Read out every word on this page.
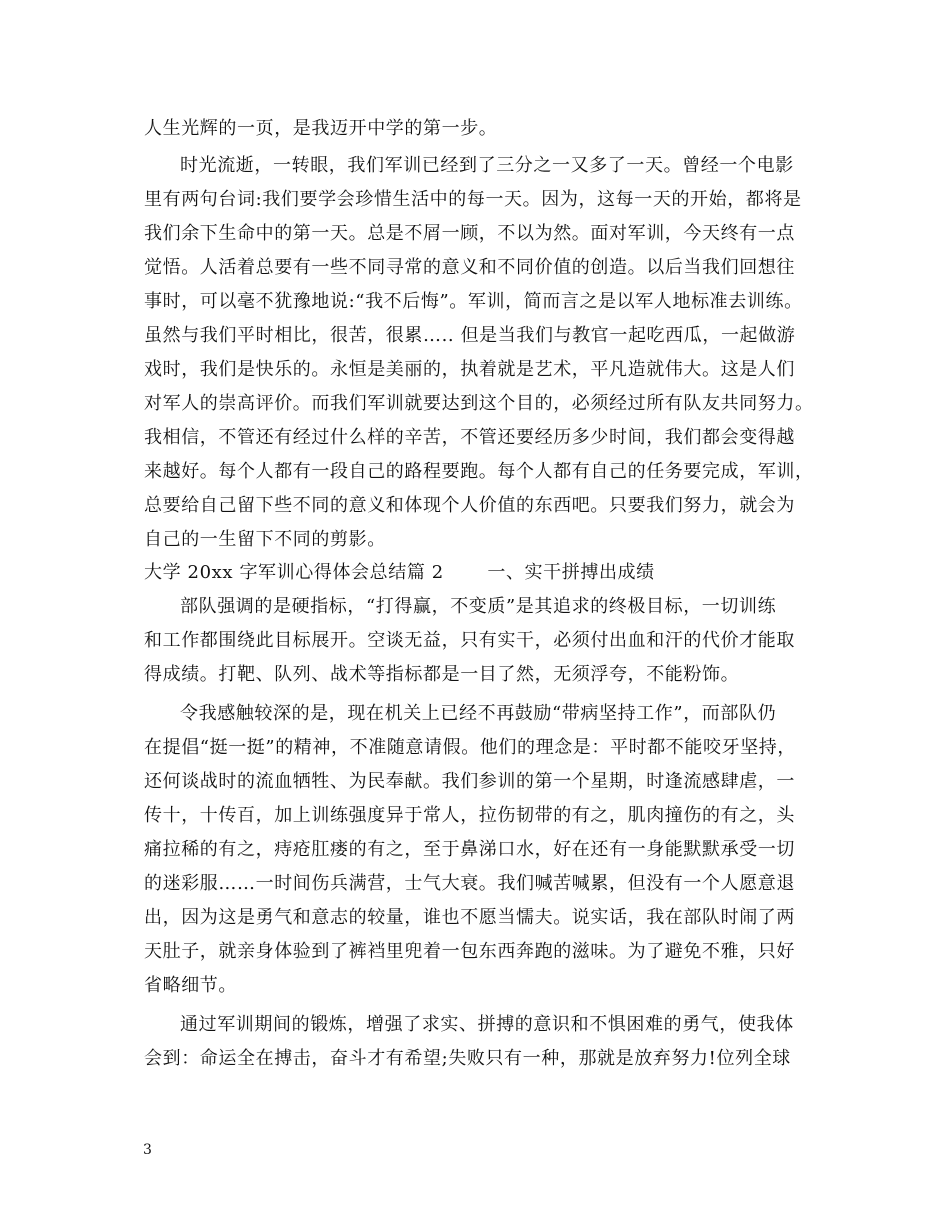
人生光辉的一页，是我迈开中学的第一步。
时光流逝，一转眼，我们军训已经到了三分之一又多了一天。曾经一个电影
里有两句台词:我们要学会珍惜生活中的每一天。因为，这每一天的开始，都将是
我们余下生命中的第一天。总是不屑一顾，不以为然。面对军训，今天终有一点
觉悟。人活着总要有一些不同寻常的意义和不同价值的创造。以后当我们回想往
事时，可以毫不犹豫地说:“我不后悔”。军训，简而言之是以军人地标准去训练。
虽然与我们平时相比，很苦，很累….. 但是当我们与教官一起吃西瓜，一起做游
戏时，我们是快乐的。永恒是美丽的，执着就是艺术，平凡造就伟大。这是人们
对军人的崇高评价。而我们军训就要达到这个目的，必须经过所有队友共同努力。
我相信，不管还有经过什么样的辛苦，不管还要经历多少时间，我们都会变得越
来越好。每个人都有一段自己的路程要跑。每个人都有自己的任务要完成，军训，
总要给自己留下些不同的意义和体现个人价值的东西吧。只要我们努力，就会为
自己的一生留下不同的剪影。
大学 20xx 字军训心得体会总结篇 2　　 一、实干拼搏出成绩
部队强调的是硬指标，“打得赢，不变质”是其追求的终极目标，一切训练
和工作都围绕此目标展开。空谈无益，只有实干，必须付出血和汗的代价才能取
得成绩。打靶、队列、战术等指标都是一目了然，无须浮夸，不能粉饰。
令我感触较深的是，现在机关上已经不再鼓励“带病坚持工作”，而部队仍
在提倡“挺一挺”的精神，不准随意请假。他们的理念是：平时都不能咬牙坚持，
还何谈战时的流血牺牲、为民奉献。我们参训的第一个星期，时逢流感肆虐，一
传十，十传百，加上训练强度异于常人，拉伤韧带的有之，肌肉撞伤的有之，头
痛拉稀的有之，痔疮肛瘘的有之，至于鼻涕口水，好在还有一身能默默承受一切
的迷彩服……一时间伤兵满营，士气大衰。我们喊苦喊累，但没有一个人愿意退
出，因为这是勇气和意志的较量，谁也不愿当懦夫。说实话，我在部队时闹了两
天肚子，就亲身体验到了裤裆里兜着一包东西奔跑的滋味。为了避免不雅，只好
省略细节。
通过军训期间的锻炼，增强了求实、拼搏的意识和不惧困难的勇气，使我体
会到：命运全在搏击，奋斗才有希望;失败只有一种，那就是放弃努力!位列全球
3
